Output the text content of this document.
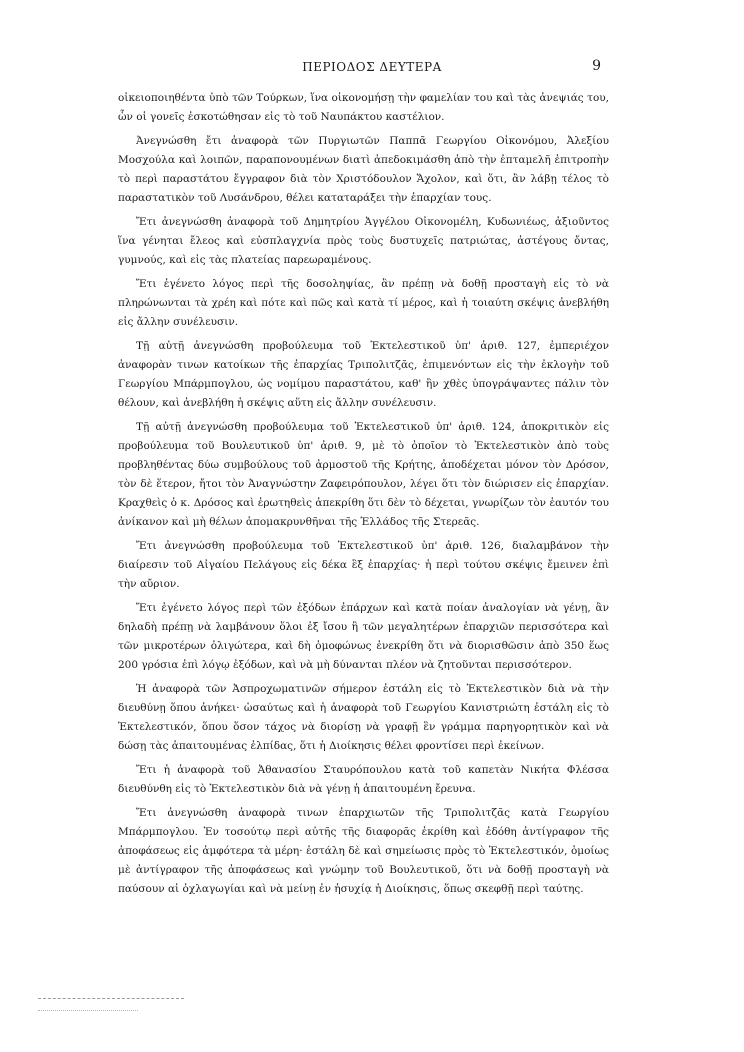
ΠΕΡΙΟΔΟΣ ΔΕΥΤΕΡΑ	9

οἰκειοποιηθέντα ὑπὸ τῶν Τούρκων, ἵνα οἰκονομήσῃ τὴν φαμελίαν του καὶ τὰς ἀνεψιάς του, ὧν οἱ γονεῖς ἐσκοτώθησαν εἰς τὸ τοῦ Ναυπάκτου καστέλιον.

Ἀνεγνώσθη ἔτι ἀναφορὰ τῶν Πυργιωτῶν Παππᾶ Γεωργίου Οἰκονόμου, Ἀλεξίου Μοσχούλα καὶ λοιπῶν, παραπονουμένων διατὶ ἀπεδοκιμάσθη ἀπὸ τὴν ἐπταμελῆ ἐπιτροπὴν τὸ περὶ παραστάτου ἔγγραφον διὰ τὸν Χριστόδουλον Ἄχολον, καὶ ὅτι, ἂν λάβῃ τέλος τὸ παραστατικὸν τοῦ Λυσάνδρου, θέλει καταταράξει τὴν ἐπαρχίαν τους.

Ἔτι ἀνεγνώσθη ἀναφορὰ τοῦ Δημητρίου Ἀγγέλου Οἰκονομέλη, Κυδωνιέως, ἀξιοῦντος ἵνα γένηται ἔλεος καὶ εὐσπλαγχνία πρὸς τοὺς δυστυχεῖς πατριώτας, ἀστέγους ὄντας, γυμνούς, καὶ εἰς τὰς πλατείας παρεωραμένους.

Ἔτι ἐγένετο λόγος περὶ τῆς δοσοληψίας, ἂν πρέπῃ νὰ δοθῇ προσταγὴ εἰς τὸ νὰ πληρώνωνται τὰ χρέη καὶ πότε καὶ πῶς καὶ κατὰ τί μέρος, καὶ ἡ τοιαύτη σκέψις ἀνεβλήθη εἰς ἄλλην συνέλευσιν.

Τῇ αὐτῇ ἀνεγνώσθη προβούλευμα τοῦ Ἐκτελεστικοῦ ὑπ' ἀριθ. 127, ἐμπεριέχον ἀναφορὰν τινων κατοίκων τῆς ἐπαρχίας Τριπολιτζᾶς, ἐπιμενόντων εἰς τὴν ἐκλογὴν τοῦ Γεωργίου Μπάρμπογλου, ὡς νομίμου παραστάτου, καθ' ἣν χθὲς ὑπογράψαντες πάλιν τὸν θέλουν, καὶ ἀνεβλήθη ἡ σκέψις αὕτη εἰς ἄλλην συνέλευσιν.

Τῇ αὐτῇ ἀνεγνώσθη προβούλευμα τοῦ Ἐκτελεστικοῦ ὑπ' ἀριθ. 124, ἀποκριτικὸν εἰς προβούλευμα τοῦ Βουλευτικοῦ ὑπ' ἀριθ. 9, μὲ τὸ ὁποῖον τὸ Ἐκτελεστικὸν ἀπὸ τοὺς προβληθέντας δύω συμβούλους τοῦ ἁρμοστοῦ τῆς Κρήτης, ἀποδέχεται μόνον τὸν Δρόσον, τὸν δὲ ἕτερον, ἤτοι τὸν Ἀναγνώστην Ζαφειρόπουλον, λέγει ὅτι τὸν διώρισεν εἰς ἐπαρχίαν. Κραχθεὶς ὁ κ. Δρόσος καὶ ἐρωτηθεὶς ἀπεκρίθη ὅτι δὲν τὸ δέχεται, γνωρίζων τὸν ἑαυτόν του ἀνίκανον καὶ μὴ θέλων ἀπομακρυνθῆναι τῆς Ἑλλάδος τῆς Στερεᾶς.

Ἔτι ἀνεγνώσθη προβούλευμα τοῦ Ἐκτελεστικοῦ ὑπ' ἀριθ. 126, διαλαμβάνον τὴν διαίρεσιν τοῦ Αἰγαίου Πελάγους εἰς δέκα ἓξ ἐπαρχίας· ἡ περὶ τούτου σκέψις ἔμεινεν ἐπὶ τὴν αὔριον.

Ἔτι ἐγένετο λόγος περὶ τῶν ἐξόδων ἐπάρχων καὶ κατὰ ποίαν ἀναλογίαν νὰ γένῃ, ἂν δηλαδὴ πρέπῃ νὰ λαμβάνουν ὅλοι ἐξ ἴσου ἢ τῶν μεγαλητέρων ἐπαρχιῶν περισσότερα καὶ τῶν μικροτέρων ὀλιγώτερα, καὶ δὴ ὁμοφώνως ἐνεκρίθη ὅτι νὰ διορισθῶσιν ἀπὸ 350 ἕως 200 γρόσια ἐπὶ λόγῳ ἐξόδων, καὶ νὰ μὴ δύνανται πλέον νὰ ζητοῦνται περισσότερον.

Ἡ ἀναφορὰ τῶν Ἀσπροχωματινῶν σήμερον ἐστάλη εἰς τὸ Ἐκτελεστικὸν διὰ νὰ τὴν διευθύνῃ ὅπου ἀνήκει· ὡσαύτως καὶ ἡ ἀναφορὰ τοῦ Γεωργίου Κανιστριώτη ἐστάλη εἰς τὸ Ἐκτελεστικόν, ὅπου ὅσον τάχος νὰ διορίσῃ νὰ γραφῇ ἓν γράμμα παρηγορητικὸν καὶ νὰ δώσῃ τὰς ἀπαιτουμένας ἐλπίδας, ὅτι ἡ Διοίκησις θέλει φροντίσει περὶ ἐκείνων.

Ἔτι ἡ ἀναφορὰ τοῦ Ἀθανασίου Σταυρόπουλου κατὰ τοῦ καπετὰν Νικήτα Φλέσσα διευθύνθη εἰς τὸ Ἐκτελεστικὸν διὰ νὰ γένῃ ἡ ἀπαιτουμένη ἔρευνα.

Ἔτι ἀνεγνώσθη ἀναφορὰ τινων ἐπαρχιωτῶν τῆς Τριπολιτζᾶς κατὰ Γεωργίου Μπάρμπογλου. Ἐν τοσούτῳ περὶ αὐτῆς τῆς διαφορᾶς ἐκρίθη καὶ ἐδόθη ἀντίγραφον τῆς ἀποφάσεως εἰς ἀμφότερα τὰ μέρη· ἐστάλη δὲ καὶ σημείωσις πρὸς τὸ Ἐκτελεστικόν, ὁμοίως μὲ ἀντίγραφον τῆς ἀποφάσεως καὶ γνώμην τοῦ Βουλευτικοῦ, ὅτι νὰ δοθῇ προσταγὴ νὰ παύσουν αἱ ὀχλαγωγίαι καὶ νὰ μείνῃ ἐν ἡσυχίᾳ ἡ Διοίκησις, ὅπως σκεφθῇ περὶ ταύτης.
